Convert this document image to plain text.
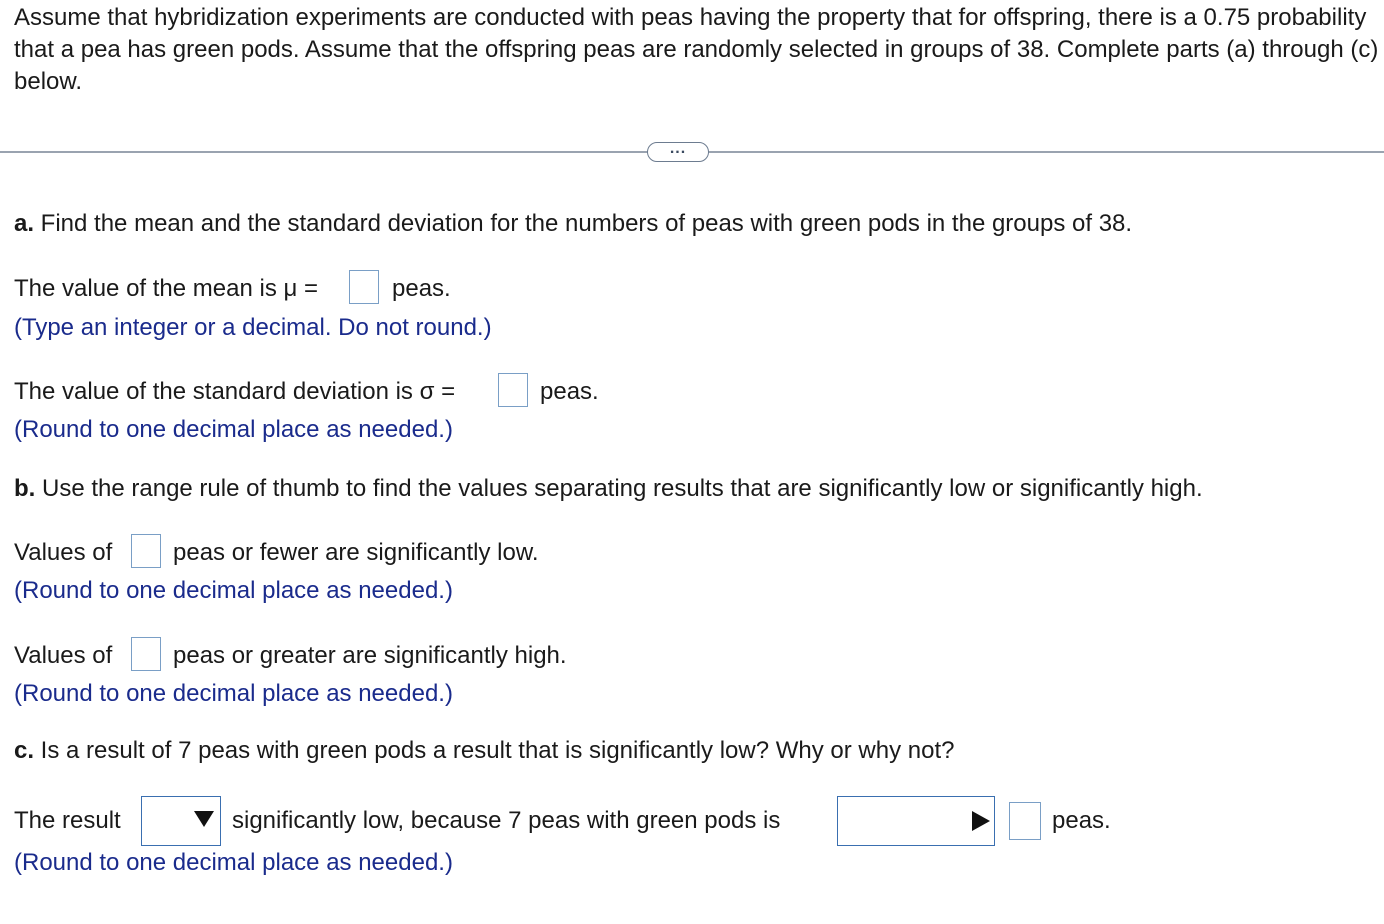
Assume that hybridization experiments are conducted with peas having the property that for offspring, there is a 0.75 probability that a pea has green pods. Assume that the offspring peas are randomly selected in groups of 38. Complete parts (a) through (c) below.
...
a. Find the mean and the standard deviation for the numbers of peas with green pods in the groups of 38.
The value of the mean is μ =	peas.
(Type an integer or a decimal. Do not round.)
The value of the standard deviation is σ =	peas.
(Round to one decimal place as needed.)
b. Use the range rule of thumb to find the values separating results that are significantly low or significantly high.
Values of	peas or fewer are significantly low.
(Round to one decimal place as needed.)
Values of	peas or greater are significantly high.
(Round to one decimal place as needed.)
c. Is a result of 7 peas with green pods a result that is significantly low? Why or why not?
The result	significantly low, because 7 peas with green pods is	peas.
(Round to one decimal place as needed.)
